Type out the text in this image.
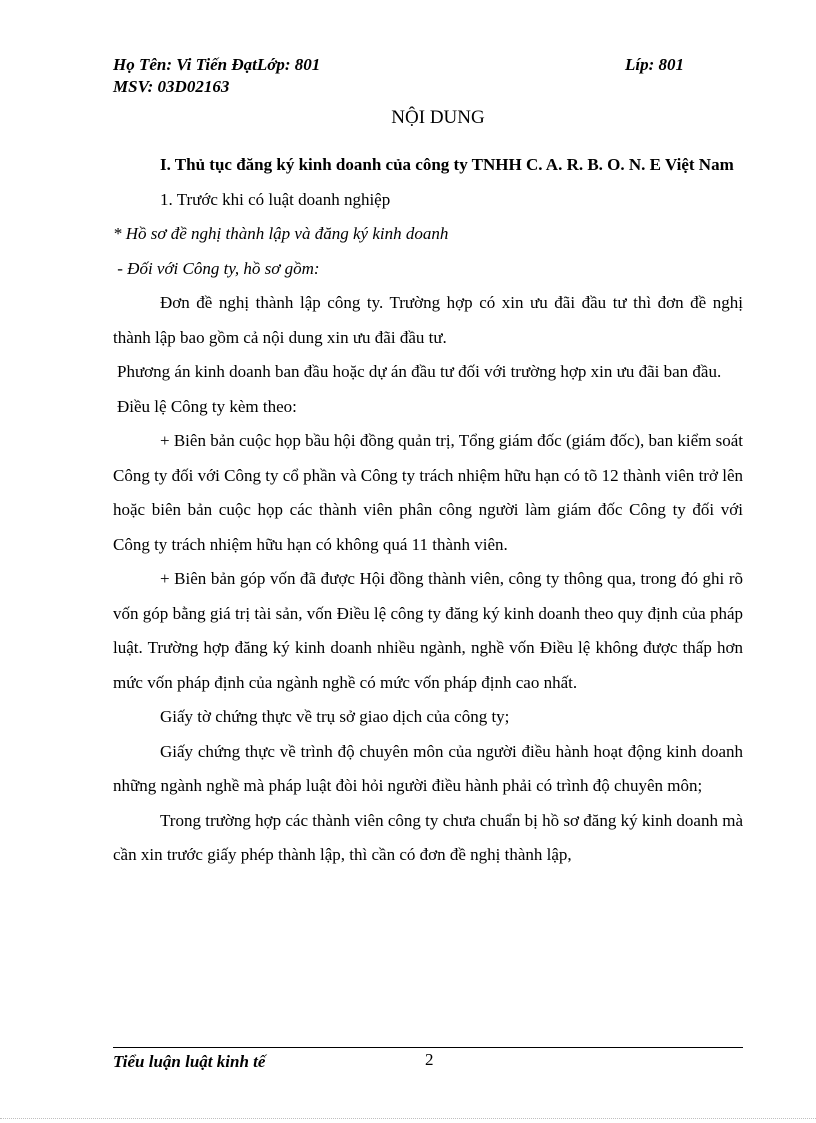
Họ Tên: Vi Tiến ĐạtLớp: 801	Líp: 801
MSV: 03D02163
NỘI DUNG

I. Thủ tục đăng ký kinh doanh của công ty TNHH C. A. R. B. O. N. E Việt Nam

1. Trước khi có luật doanh nghiệp

* Hồ sơ đề nghị thành lập và đăng ký kinh doanh

- Đối với Công ty, hồ sơ gồm:

Đơn đề nghị thành lập công ty. Trường hợp có xin ưu đãi đầu tư thì đơn đề nghị thành lập bao gồm cả nội dung xin ưu đãi đầu tư.

Phương án kinh doanh ban đầu hoặc dự án đầu tư đối với trường hợp xin ưu đãi ban đầu.

Điều lệ Công ty kèm theo:

+ Biên bản cuộc họp bầu hội đồng quản trị, Tổng giám đốc (giám đốc), ban kiểm soát Công ty đối với Công ty cổ phần và Công ty trách nhiệm hữu hạn có tõ 12 thành viên trở lên hoặc biên bản cuộc họp các thành viên phân công người làm giám đốc Công ty đối với Công ty trách nhiệm hữu hạn có không quá 11 thành viên.

+ Biên bản góp vốn đã được Hội đồng thành viên, công ty thông qua, trong đó ghi rõ vốn góp bằng giá trị tài sản, vốn Điều lệ công ty đăng ký kinh doanh theo quy định của pháp luật. Trường hợp đăng ký kinh doanh nhiều ngành, nghề vốn Điều lệ không được thấp hơn mức vốn pháp định của ngành nghề có mức vốn pháp định cao nhất.

Giấy tờ chứng thực về trụ sở giao dịch của công ty;

Giấy chứng thực về trình độ chuyên môn của người điều hành hoạt động kinh doanh những ngành nghề mà pháp luật đòi hỏi người điều hành phải có trình độ chuyên môn;

Trong trường hợp các thành viên công ty chưa chuẩn bị hồ sơ đăng ký kinh doanh mà cần xin trước giấy phép thành lập, thì cần có đơn đề nghị thành lập,

Tiểu luận luật kinh tế	2
